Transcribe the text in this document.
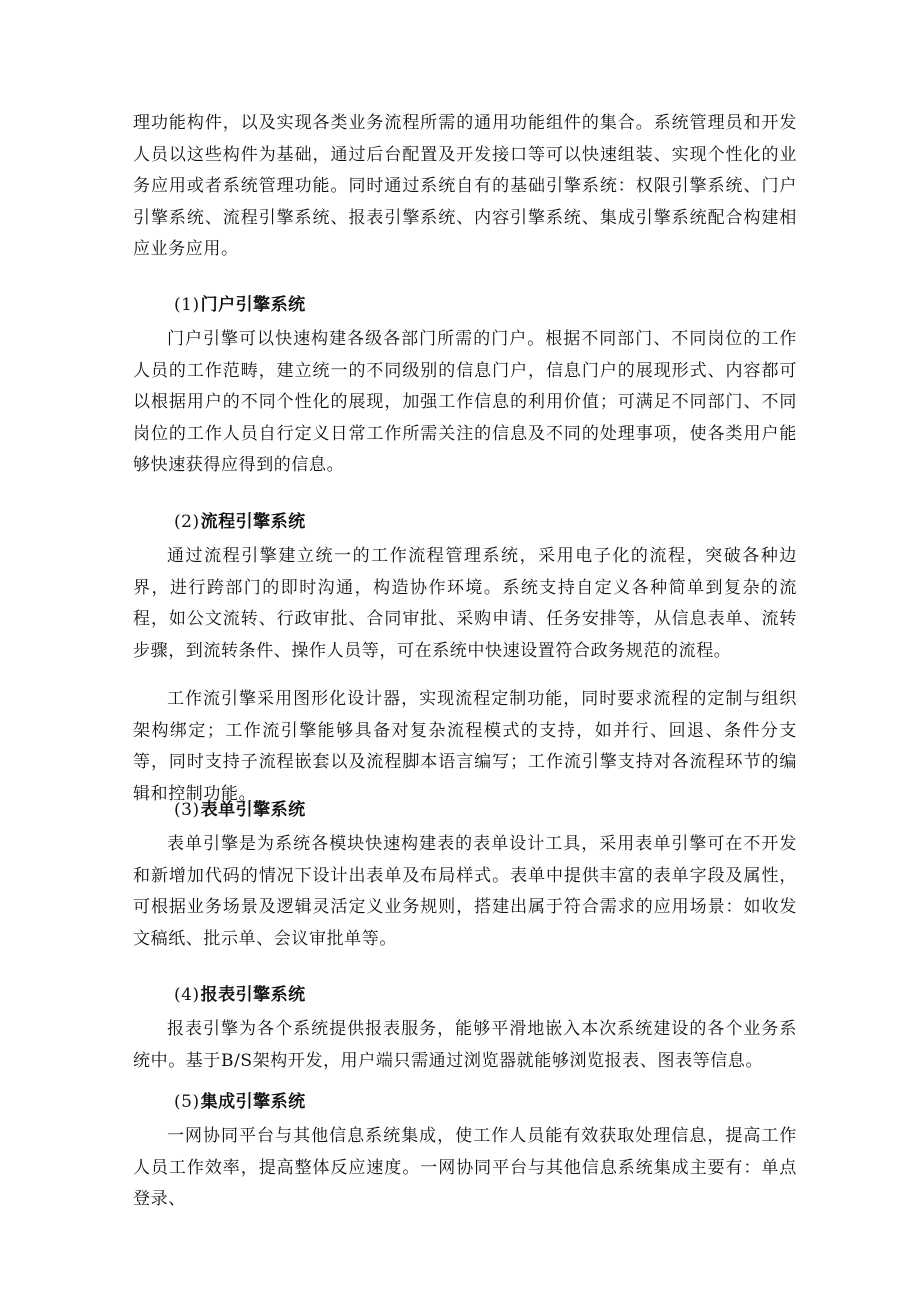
理功能构件，以及实现各类业务流程所需的通用功能组件的集合。系统管理员和开发人员以这些构件为基础，通过后台配置及开发接口等可以快速组装、实现个性化的业务应用或者系统管理功能。同时通过系统自有的基础引擎系统：权限引擎系统、门户引擎系统、流程引擎系统、报表引擎系统、内容引擎系统、集成引擎系统配合构建相应业务应用。

(1)门户引擎系统

门户引擎可以快速构建各级各部门所需的门户。根据不同部门、不同岗位的工作人员的工作范畴，建立统一的不同级别的信息门户，信息门户的展现形式、内容都可以根据用户的不同个性化的展现，加强工作信息的利用价值；可满足不同部门、不同岗位的工作人员自行定义日常工作所需关注的信息及不同的处理事项，使各类用户能够快速获得应得到的信息。

(2)流程引擎系统

通过流程引擎建立统一的工作流程管理系统，采用电子化的流程，突破各种边界，进行跨部门的即时沟通，构造协作环境。系统支持自定义各种简单到复杂的流程，如公文流转、行政审批、合同审批、采购申请、任务安排等，从信息表单、流转步骤，到流转条件、操作人员等，可在系统中快速设置符合政务规范的流程。

工作流引擎采用图形化设计器，实现流程定制功能，同时要求流程的定制与组织架构绑定；工作流引擎能够具备对复杂流程模式的支持，如并行、回退、条件分支等，同时支持子流程嵌套以及流程脚本语言编写；工作流引擎支持对各流程环节的编辑和控制功能。

(3)表单引擎系统

表单引擎是为系统各模块快速构建表的表单设计工具，采用表单引擎可在不开发和新增加代码的情况下设计出表单及布局样式。表单中提供丰富的表单字段及属性，可根据业务场景及逻辑灵活定义业务规则，搭建出属于符合需求的应用场景：如收发文稿纸、批示单、会议审批单等。

(4)报表引擎系统

报表引擎为各个系统提供报表服务，能够平滑地嵌入本次系统建设的各个业务系统中。基于B/S架构开发，用户端只需通过浏览器就能够浏览报表、图表等信息。

(5)集成引擎系统

一网协同平台与其他信息系统集成，使工作人员能有效获取处理信息，提高工作人员工作效率，提高整体反应速度。一网协同平台与其他信息系统集成主要有：单点登录、
